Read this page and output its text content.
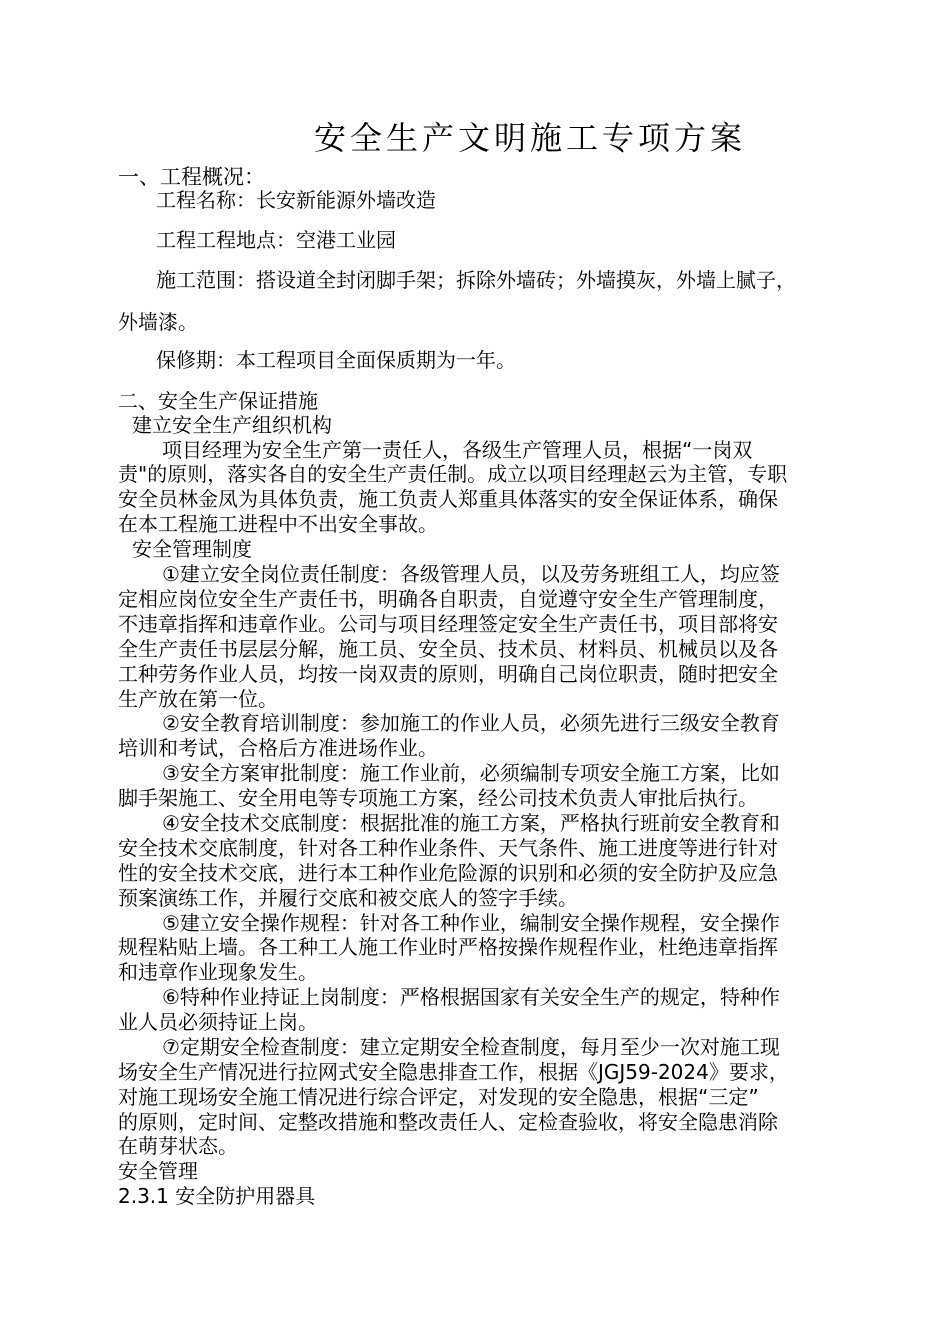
安全生产文明施工专项方案
一、工程概况：
工程名称：长安新能源外墙改造
工程工程地点：空港工业园
施工范围：搭设道全封闭脚手架；拆除外墙砖；外墙摸灰，外墙上腻子，
外墙漆。
保修期：本工程项目全面保质期为一年。
二、安全生产保证措施
建立安全生产组织机构
项目经理为安全生产第一责任人，各级生产管理人员，根据“一岗双
责"的原则，落实各自的安全生产责任制。成立以项目经理赵云为主管，专职
安全员林金凤为具体负责，施工负责人郑重具体落实的安全保证体系，确保
在本工程施工进程中不出安全事故。
安全管理制度
①建立安全岗位责任制度：各级管理人员，以及劳务班组工人，均应签
定相应岗位安全生产责任书，明确各自职责，自觉遵守安全生产管理制度，
不违章指挥和违章作业。公司与项目经理签定安全生产责任书，项目部将安
全生产责任书层层分解，施工员、安全员、技术员、材料员、机械员以及各
工种劳务作业人员，均按一岗双责的原则，明确自己岗位职责，随时把安全
生产放在第一位。
②安全教育培训制度：参加施工的作业人员，必须先进行三级安全教育
培训和考试，合格后方准进场作业。
③安全方案审批制度：施工作业前，必须编制专项安全施工方案，比如
脚手架施工、安全用电等专项施工方案，经公司技术负责人审批后执行。
④安全技术交底制度：根据批准的施工方案，严格执行班前安全教育和
安全技术交底制度，针对各工种作业条件、天气条件、施工进度等进行针对
性的安全技术交底，进行本工种作业危险源的识别和必须的安全防护及应急
预案演练工作，并履行交底和被交底人的签字手续。
⑤建立安全操作规程：针对各工种作业，编制安全操作规程，安全操作
规程粘贴上墙。各工种工人施工作业时严格按操作规程作业，杜绝违章指挥
和违章作业现象发生。
⑥特种作业持证上岗制度：严格根据国家有关安全生产的规定，特种作
业人员必须持证上岗。
⑦定期安全检查制度：建立定期安全检查制度，每月至少一次对施工现
场安全生产情况进行拉网式安全隐患排查工作，根据《JGJ59-2024》要求，
对施工现场安全施工情况进行综合评定，对发现的安全隐患，根据“三定”
的原则，定时间、定整改措施和整改责任人、定检查验收，将安全隐患消除
在萌芽状态。
安全管理
2.3.1 安全防护用器具
